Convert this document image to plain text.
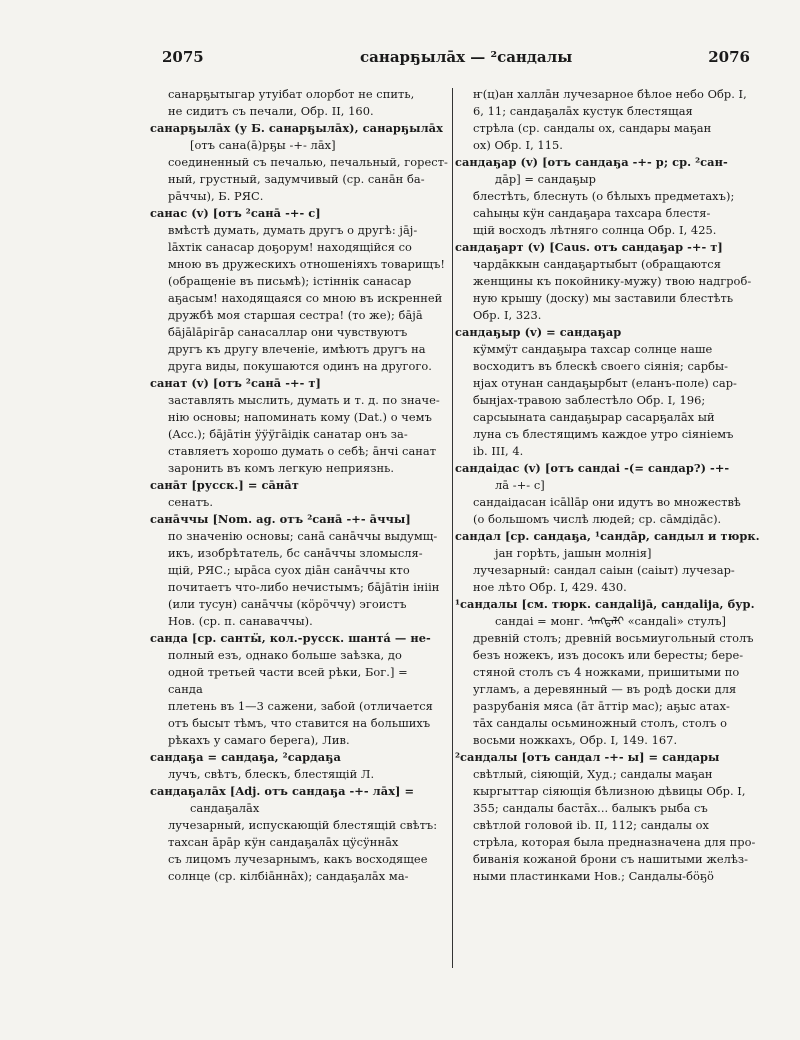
2075	санарҕылāх — ²сандалы	2076
санарҕытыгар утуібат олорбот не спить,
не сидитъ съ печали, Обр. II, 160.
санарҕылāх (у Б. санарҕылāх), санарҕылāх
[отъ сана(ā)рҕы -+- лāх]
соединенный съ печалью, печальный, горест-
ный, грустный, задумчивый (ср. санāн ба-
рāччы), Б. РЯС.
санас (v) [отъ ²санā -+- с]
вмѣстѣ думать, думать другъ о другѣ: јāј-
lāxтiк санасар доҕорум! находящійся со
мною въ дружескихъ отношеніяхъ товарищъ!
(обращеніе въ письмѣ); iстiннiк санасар
аҕасым! находящаяся со мною въ искренней
дружбѣ моя старшая сестра! (то же); бāјā
бāјālāрiгāр санасаллар они чувствуютъ
другъ къ другу влеченіе, имѣютъ другъ на
друга виды, покушаются одинъ на другого.
санат (v) [отъ ²санā -+- т]
заставлять мыслить, думать и т. д. по значе-
нію основы; напоминать кому (Dat.) о чемъ
(Acc.); бāјāтiн ӱӱӱгāiдiк санатар онъ за-
ставляетъ хорошо думать о себѣ; āнчi санат
заронить въ комъ легкую неприязнь.
санāт [русск.] = сāнāт
сенатъ.
санāччы [Nom. ag. отъ ²санā -+- āччы]
по значенію основы; санā санāччы выдумщ-
икъ, изобрѣтатель, бс санāччы зломысля-
щій, РЯС.; ырāса суох дiāн санāччы кто
почитаетъ что-либо нечистымъ; бāјāтiн iнiiн
(или тусун) санāччы (кӧрӧччу) эгоистъ
Нов. (ср. п. санаваччы).
санда [ср. сантӹ, кол.-русск. шантá — не-
полный езъ, однако больше заѣзка, до
одной третьей части всей рѣки, Бог.] =
санда
плетень въ 1—3 сажени, забой (отличается
отъ бысыт тѣмъ, что ставится на большихъ
рѣкахъ у самаго берега), Лив.
сандаҕа = сандаҕа, ²сардаҕа
лучъ, свѣтъ, блескъ, блестящій Л.
сандаҕалāх [Adj. отъ сандаҕа -+- лāх] =
сандаҕалāх
лучезарный, испускающій блестящій свѣтъ:
тахсан āрāр кӱн сандаҕалāх цӱсӱннāх
съ лицомъ лучезарнымъ, какъ восходящее
солнце (ср. кiлбiāннāх); сандаҕалāх ма-
ҥ(ц)ан халлāн лучезарное бѣлое небо Обр. I,
6, 11; сандаҕалāх кустук блестящая
стрѣла (ср. сандалы ох, сандары маҕан
ох) Обр. I, 115.
сандаҕар (v) [отъ сандаҕа -+- р; ср. ²сан-
дāр] = сандаҕыр
блестѣть, блеснуть (о бѣлыхъ предметахъ);
саһыңы кӱн сандаҕара тахсара блестя-
щій восходъ лѣтняго солнца Обр. I, 425.
сандаҕарт (v) [Caus. отъ сандаҕар -+- т]
чардāккын сандаҕартыбыт (обращаются
женщины къ покойнику-мужу) твою надгроб-
ную крышу (доску) мы заставили блестѣть
Обр. I, 323.
сандаҕыр (v) = сандаҕар
кӱммӱт сандаҕыра тахсар солнце наше
восходитъ въ блескѣ своего сіянія; сарбы-
нјах отунан сандаҕырбыт (еланъ-поле) сар-
бынјах-травою заблестѣло Обр. I, 196;
сарсыыната сандаҕырар сасарҕалāх ый
луна съ блестящимъ каждое утро сіяніемъ
ib. III, 4.
сандаiдас (v) [отъ сандаi -(= сандар?) -+-
лā -+- с]
сандаiдасан iсāllāр они идутъ во множествѣ
(о большомъ числѣ людей; ср. сāмдiдāс).
сандал [ср. сандаҕа, ¹сандāр, сандыл и тюрк.
јан горѣть, јашын молнія]
лучезарный: сандал саіын (саіыт) лучезар-
ное лѣто Обр. I, 429. 430.
¹сандалы [см. тюрк. сандаliјā, сандаliја, бур.
сандаi = монг. ᠰᠠᠩᠳᠠᠯᠢ «сандаli» стулъ]
древній столъ; древній восьмиугольный столъ
безъ ножекъ, изъ досокъ или бересты; бере-
стяной столъ съ 4 ножками, пришитыми по
угламъ, а деревянный — въ родѣ доски для
разрубанія мяса (āт āттiр мас); аҕыс атах-
тāх сандалы осьминожный столъ, столъ о
восьми ножкахъ, Обр. I, 149. 167.
²сандалы [отъ сандал -+- ы] = сандары
свѣтлый, сіяющій, Худ.; сандалы маҕан
кыргыттар сіяющія бѣлизною дѣвицы Обр. I,
355; сандалы бастāх... балыкъ рыба съ
свѣтлой головой ib. II, 112; сандалы ох
стрѣла, которая была предназначена для про-
биванія кожаной брони съ нашитыми желѣз-
ными пластинками Нов.; Сандалы-бӧҕӧ
